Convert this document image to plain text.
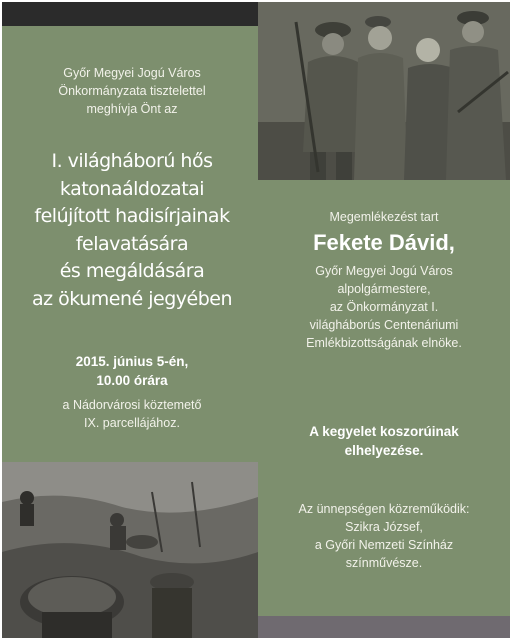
Győr Megyei Jogú Város
Önkormányzata tisztelettel
meghívja Önt az
I. világháború hős
katonaáldozatai
felújított hadisírjainak
felavatására
és megáldására
az ökumené jegyében
2015. június 5-én,
10.00 órára
a Nádorvárosi köztemető
IX. parcellájához.
Megemlékezést tart
Fekete Dávid,
Győr Megyei Jogú Város
alpolgármestere,
az Önkormányzat I.
világháborús Centenáriumi
Emlékbizottságának elnöke.
A kegyelet koszorúinak
elhelyezése.
Az ünnepségen közreműködik:
Szikra József,
a Győri Nemzeti Színház
színművésze.
